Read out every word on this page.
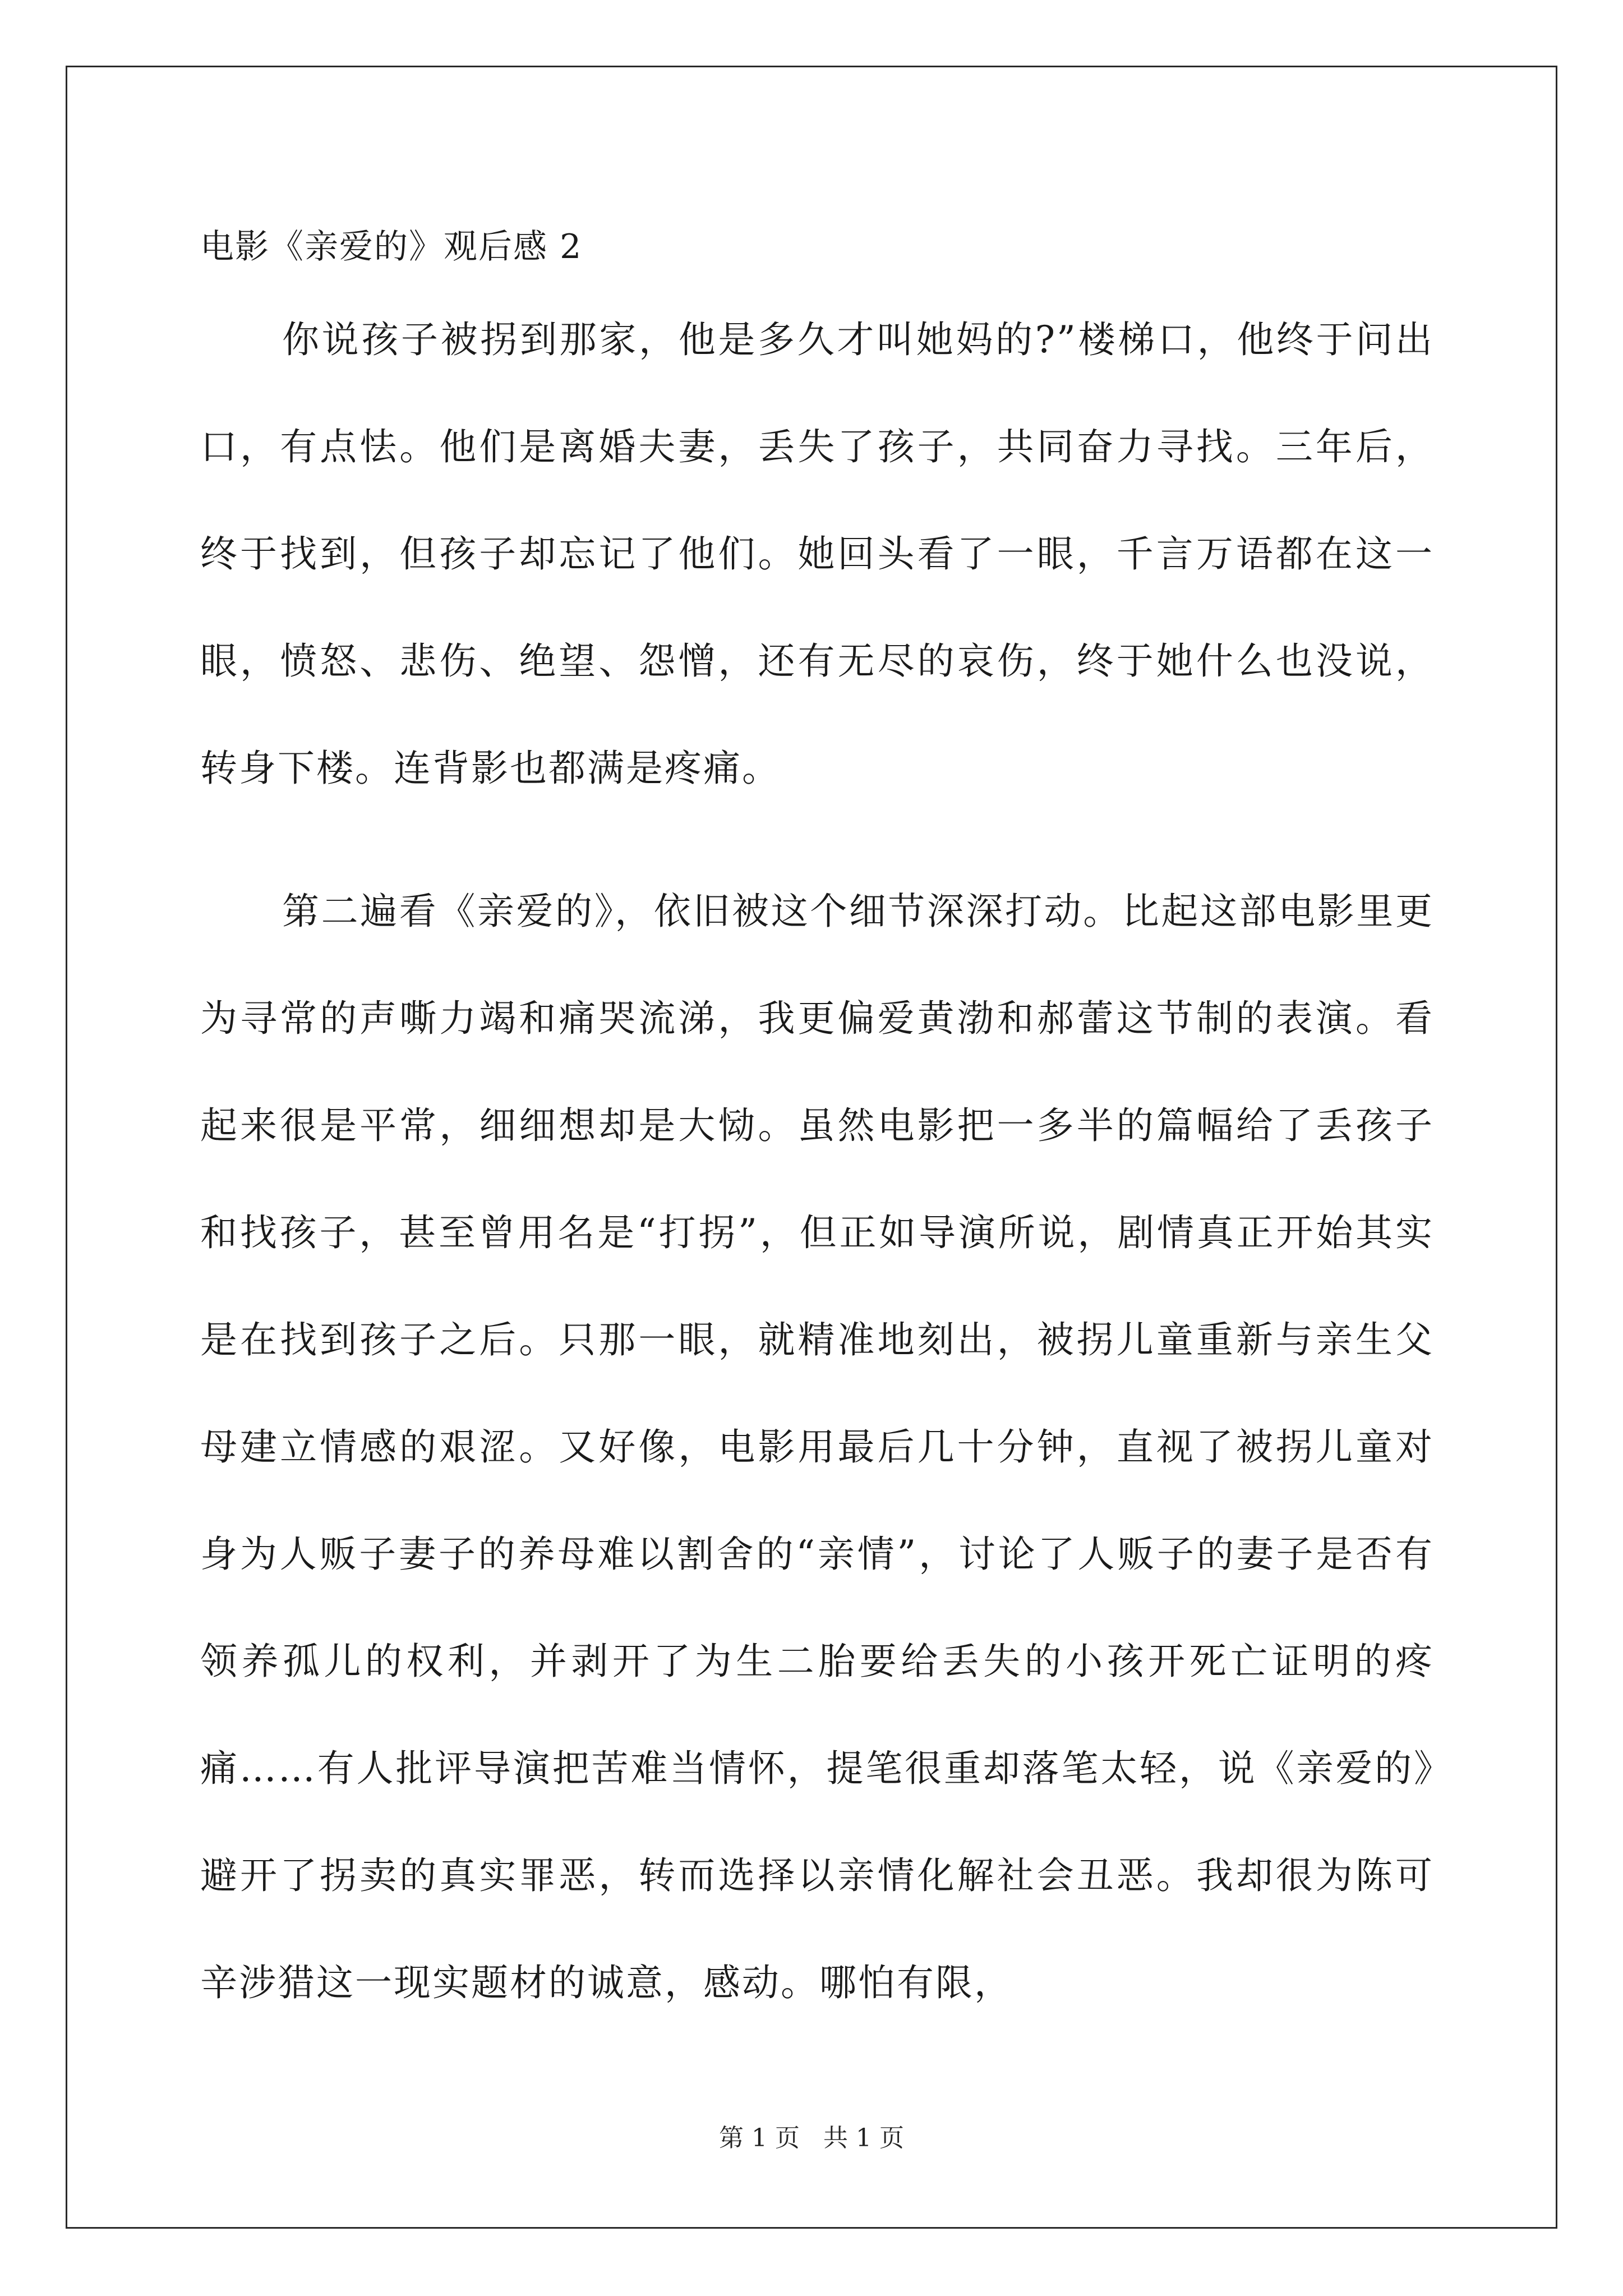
电影《亲爱的》观后感 2

你说孩子被拐到那家，他是多久才叫她妈的?”楼梯口，他终于问出口，有点怯。他们是离婚夫妻，丢失了孩子，共同奋力寻找。三年后，终于找到，但孩子却忘记了他们。她回头看了一眼，千言万语都在这一眼，愤怒、悲伤、绝望、怨憎，还有无尽的哀伤，终于她什么也没说，转身下楼。连背影也都满是疼痛。

第二遍看《亲爱的》，依旧被这个细节深深打动。比起这部电影里更为寻常的声嘶力竭和痛哭流涕，我更偏爱黄渤和郝蕾这节制的表演。看起来很是平常，细细想却是大恸。虽然电影把一多半的篇幅给了丢孩子和找孩子，甚至曾用名是“打拐”，但正如导演所说，剧情真正开始其实是在找到孩子之后。只那一眼，就精准地刻出，被拐儿童重新与亲生父母建立情感的艰涩。又好像，电影用最后几十分钟，直视了被拐儿童对身为人贩子妻子的养母难以割舍的“亲情”，讨论了人贩子的妻子是否有领养孤儿的权利，并剥开了为生二胎要给丢失的小孩开死亡证明的疼痛……有人批评导演把苦难当情怀，提笔很重却落笔太轻，说《亲爱的》避开了拐卖的真实罪恶，转而选择以亲情化解社会丑恶。我却很为陈可辛涉猎这一现实题材的诚意，感动。哪怕有限，

第 1 页 共 1 页
